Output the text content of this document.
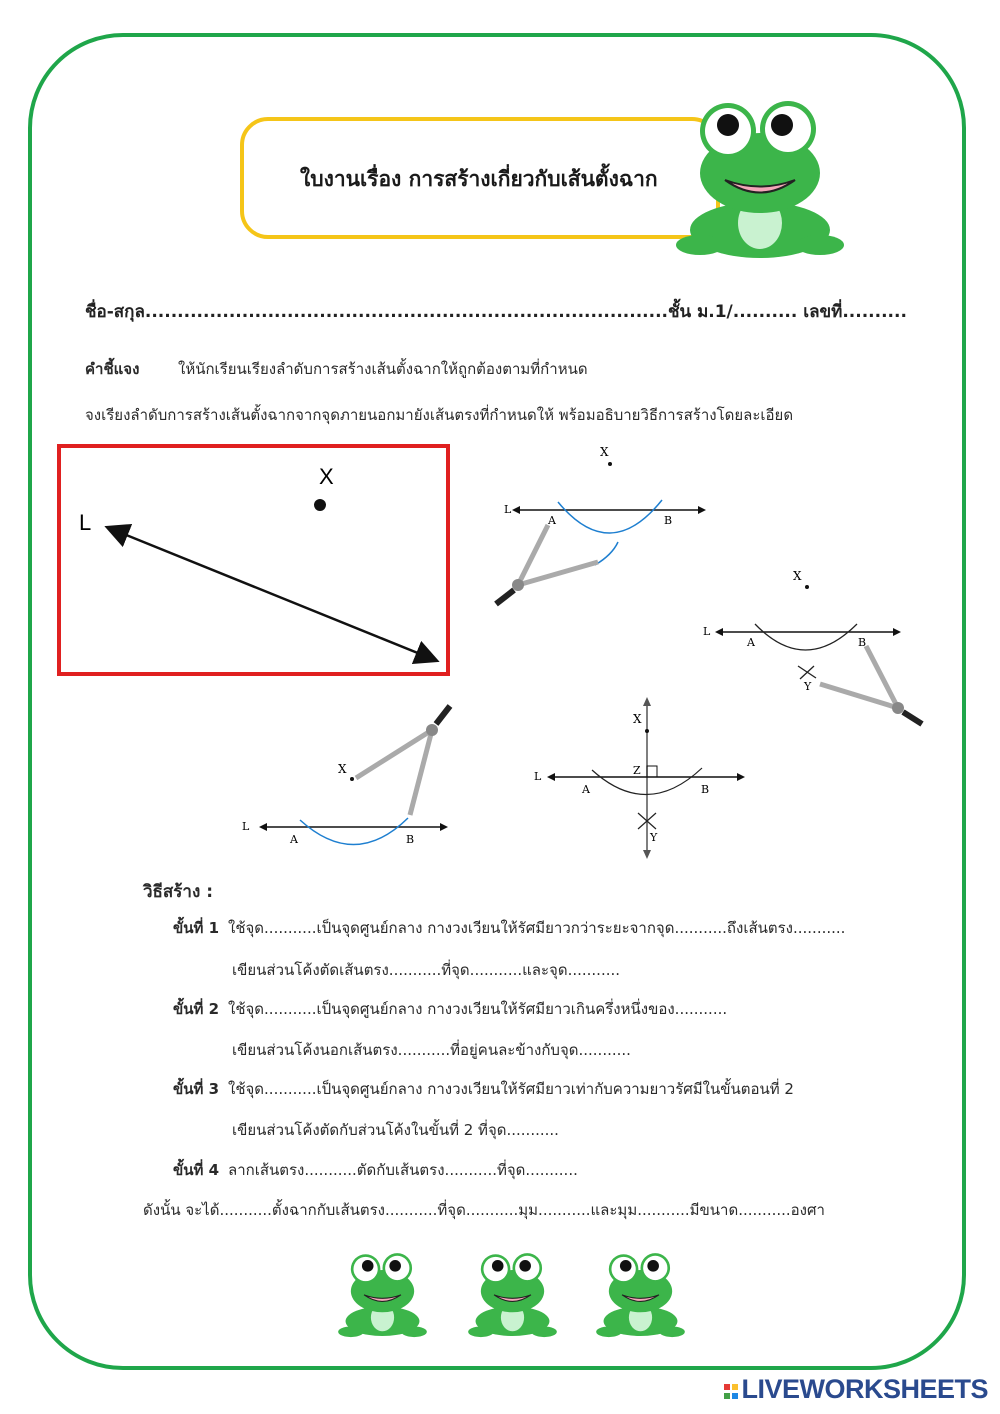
ใบงานเรื่อง การสร้างเกี่ยวกับเส้นตั้งฉาก
ชื่อ-สกุล.................................................................................ชั้น ม.1/.......... เลขที่..........
คำชี้แจง	ให้นักเรียนเรียงลำดับการสร้างเส้นตั้งฉากให้ถูกต้องตามที่กำหนด
จงเรียงลำดับการสร้างเส้นตั้งฉากจากจุดภายนอกมายังเส้นตรงที่กำหนดให้ พร้อมอธิบายวิธีการสร้างโดยละเอียด
X
L
X
L
A	B
X
L
A	B
Y
X
L
A	B
X
L
A	B
Z
Y
วิธีสร้าง :
ขั้นที่ 1 ใช้จุด...........เป็นจุดศูนย์กลาง กางวงเวียนให้รัศมียาวกว่าระยะจากจุด...........ถึงเส้นตรง...........
เขียนส่วนโค้งตัดเส้นตรง...........ที่จุด...........และจุด...........
ขั้นที่ 2 ใช้จุด...........เป็นจุดศูนย์กลาง กางวงเวียนให้รัศมียาวเกินครึ่งหนึ่งของ...........
เขียนส่วนโค้งนอกเส้นตรง...........ที่อยู่คนละข้างกับจุด...........
ขั้นที่ 3 ใช้จุด...........เป็นจุดศูนย์กลาง กางวงเวียนให้รัศมียาวเท่ากับความยาวรัศมีในขั้นตอนที่ 2
เขียนส่วนโค้งตัดกับส่วนโค้งในขั้นที่ 2 ที่จุด...........
ขั้นที่ 4 ลากเส้นตรง...........ตัดกับเส้นตรง...........ที่จุด...........
ดังนั้น จะได้...........ตั้งฉากกับเส้นตรง...........ที่จุด...........มุม...........และมุม...........มีขนาด...........องศา

LIVEWORKSHEETS
